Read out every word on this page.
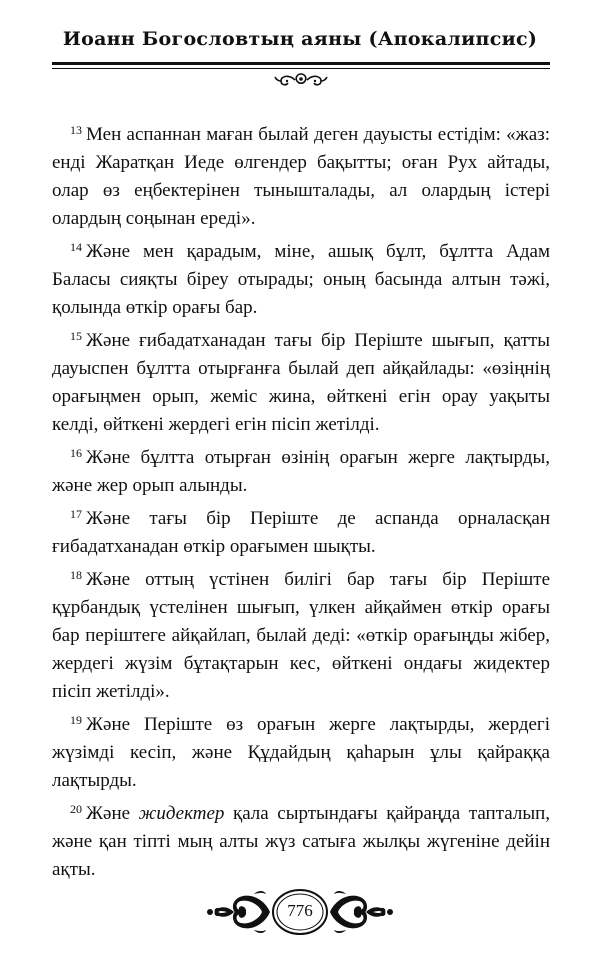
Иоанн Богословтың аяны (Апокалипсис)

$^{13}$ Мен аспаннан маған былай деген дауысты естідім: «жаз: енді Жаратқан Иеде өлгендер бақытты; оған Рух айтады, олар өз еңбектерінен тынышталады, ал олардың істері олардың соңынан ереді».

$^{14}$ Және мен қарадым, міне, ашық бұлт, бұлтта Адам Баласы сияқты біреу отырады; оның басында алтын тәжі, қолында өткір орағы бар.

$^{15}$ Және ғибадатханадан тағы бір Періште шығып, қатты дауыспен бұлтта отырғанға былай деп айқайлады: «өзіңнің орағыңмен орып, жеміс жина, өйткені егін орау уақыты келді, өйткені жердегі егін пісіп жетілді.

$^{16}$ Және бұлтта отырған өзінің орағын жерге лақтырды, және жер орып алынды.

$^{17}$ Және тағы бір Періште де аспанда орналасқан ғибадатханадан өткір орағымен шықты.

$^{18}$ Және оттың үстінен билігі бар тағы бір Періште құрбандық үстелінен шығып, үлкен айқаймен өткір орағы бар періштеге айқайлап, былай деді: «өткір орағыңды жібер, жердегі жүзім бұтақтарын кес, өйткені ондағы жидектер пісіп жетілді».

$^{19}$ Және Періште өз орағын жерге лақтырды, жердегі жүзімді кесіп, және Құдайдың қаһарын ұлы қайраққа лақтырды.

$^{20}$ Және жидектер қала сыртындағы қайраңда тапталып, және қан тіпті мың алты жүз сатыға жылқы жүгеніне дейін ақты.

776
